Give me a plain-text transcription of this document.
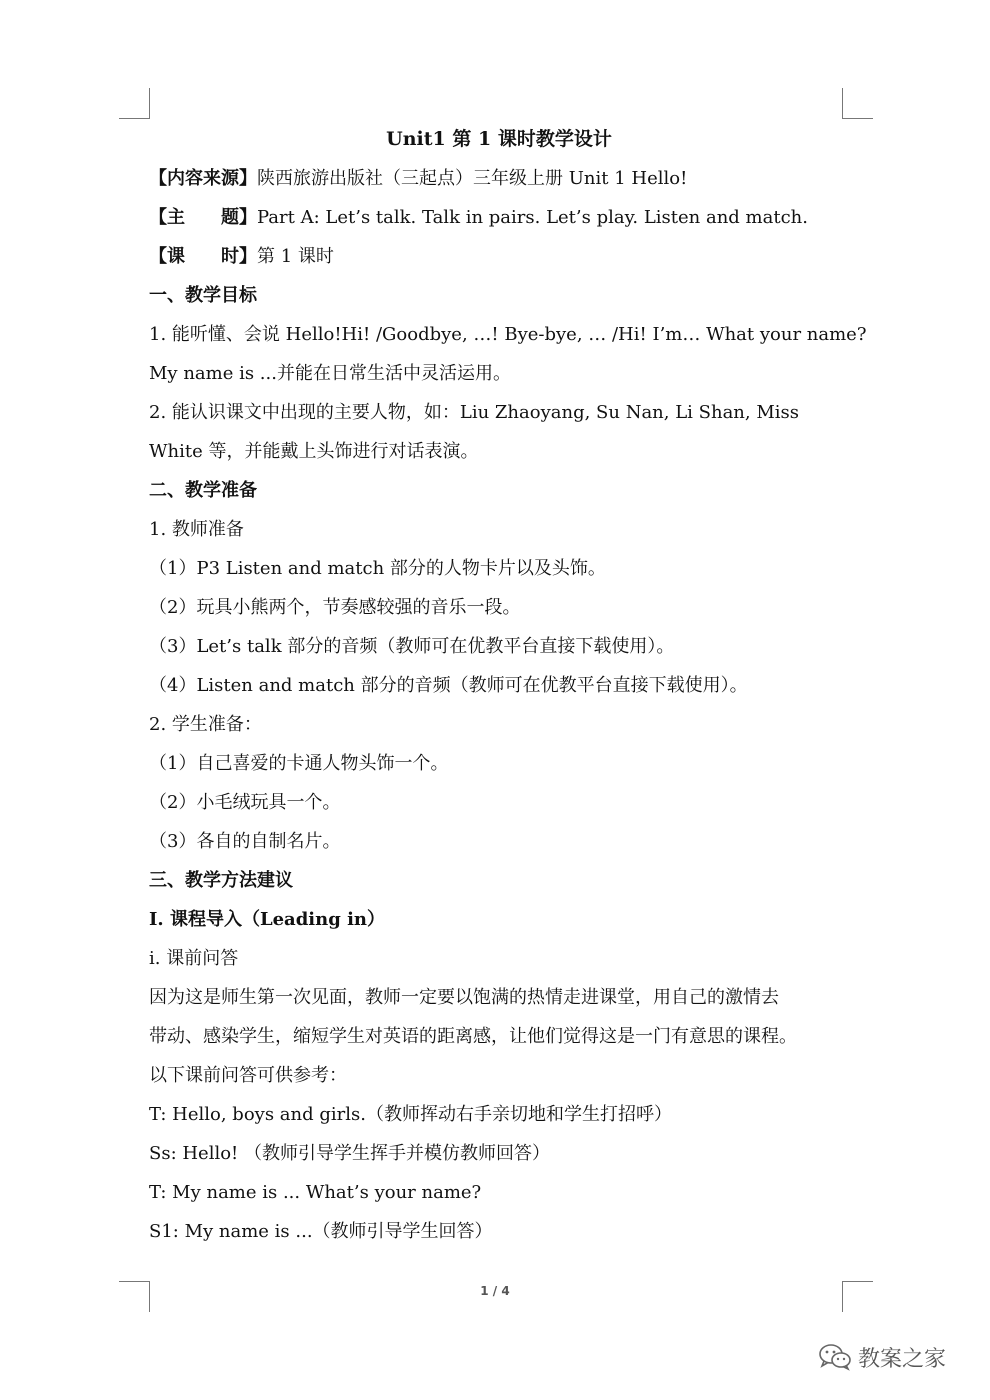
Unit1 第 1 课时教学设计
【内容来源】陕西旅游出版社（三起点）三年级上册 Unit 1 Hello!
【主　　题】Part A: Let’s talk. Talk in pairs. Let’s play. Listen and match.
【课　　时】第 1 课时
一、教学目标
1. 能听懂、会说 Hello!Hi! /Goodbye, …! Bye-bye, … /Hi! I’m… What your name?
My name is ...并能在日常生活中灵活运用。
2. 能认识课文中出现的主要人物，如：Liu Zhaoyang, Su Nan, Li Shan, Miss
White 等，并能戴上头饰进行对话表演。
二、教学准备
1. 教师准备
（1）P3 Listen and match 部分的人物卡片以及头饰。
（2）玩具小熊两个，节奏感较强的音乐一段。
（3）Let’s talk 部分的音频（教师可在优教平台直接下载使用）。
（4）Listen and match 部分的音频（教师可在优教平台直接下载使用）。
2. 学生准备：
（1）自己喜爱的卡通人物头饰一个。
（2）小毛绒玩具一个。
（3）各自的自制名片。
三、教学方法建议
I. 课程导入（Leading in）
i. 课前问答
因为这是师生第一次见面，教师一定要以饱满的热情走进课堂，用自己的激情去
带动、感染学生，缩短学生对英语的距离感，让他们觉得这是一门有意思的课程。
以下课前问答可供参考：
T: Hello, boys and girls.（教师挥动右手亲切地和学生打招呼）
Ss: Hello! （教师引导学生挥手并模仿教师回答）
T: My name is ... What’s your name?
S1: My name is ...（教师引导学生回答）
1 / 4
教案之家
